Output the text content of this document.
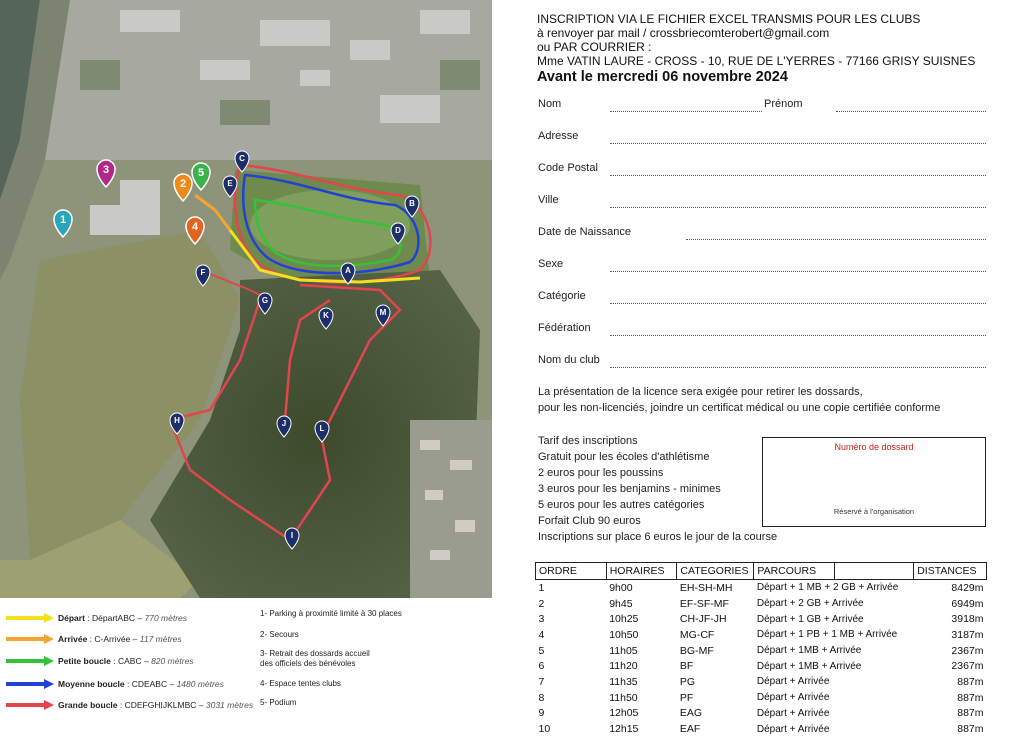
A
B
C
D
E
F
G
H
I
J
K
L
M
1
2
3
4
5
Départ : DépartABC – 770 mètres
Arrivée : C-Arrivée – 117 mètres
Petite boucle : CABC – 820 mètres
Moyenne boucle : CDEABC – 1480 mètres
Grande boucle : CDEFGHIJKLMBC – 3031 mètres
1- Parking à proximité limité à 30 places
2- Secours
3- Retrait des dossards accueil
des officiels des bénévoles
4- Espace tentes clubs
5- Podium
INSCRIPTION VIA LE FICHIER EXCEL TRANSMIS POUR LES CLUBS
à renvoyer par mail / crossbriecomterobert@gmail.com
ou PAR COURRIER :
Mme VATIN LAURE - CROSS - 10, RUE DE L'YERRES - 77166 GRISY SUISNES
Avant le mercredi 06 novembre 2024
Nom	Prénom
Adresse
Code Postal
Ville
Date de Naissance
Sexe
Catégorie
Fédération
Nom du club
La présentation de la licence sera exigée pour retirer les dossards,
pour les non-licenciés, joindre un certificat médical ou une copie certifiée conforme
Tarif des inscriptions
Gratuit pour les écoles d'athlétisme
2 euros pour les poussins
3 euros pour les benjamins - minimes
5 euros pour les autres catégories
Forfait Club 90 euros
Inscriptions sur place 6 euros le jour de la course
Numéro de dossard
Réservé à l'organisation
ORDRE	HORAIRES	CATEGORIES	PARCOURS		DISTANCES
1	9h00	EH-SH-MH	Départ + 1 MB + 2 GB + Arrivée		8429m
2	9h45	EF-SF-MF	Départ + 2 GB + Arrivée		6949m
3	10h25	CH-JF-JH	Départ + 1 GB + Arrivée		3918m
4	10h50	MG-CF	Départ + 1 PB + 1 MB + Arrivée		3187m
5	11h05	BG-MF	Départ + 1MB + Arrivée		2367m
6	11h20	BF	Départ + 1MB + Arrivée		2367m
7	11h35	PG	Départ + Arrivée		887m
8	11h50	PF	Départ + Arrivée		887m
9	12h05	EAG	Départ + Arrivée		887m
10	12h15	EAF	Départ + Arrivée		887m
